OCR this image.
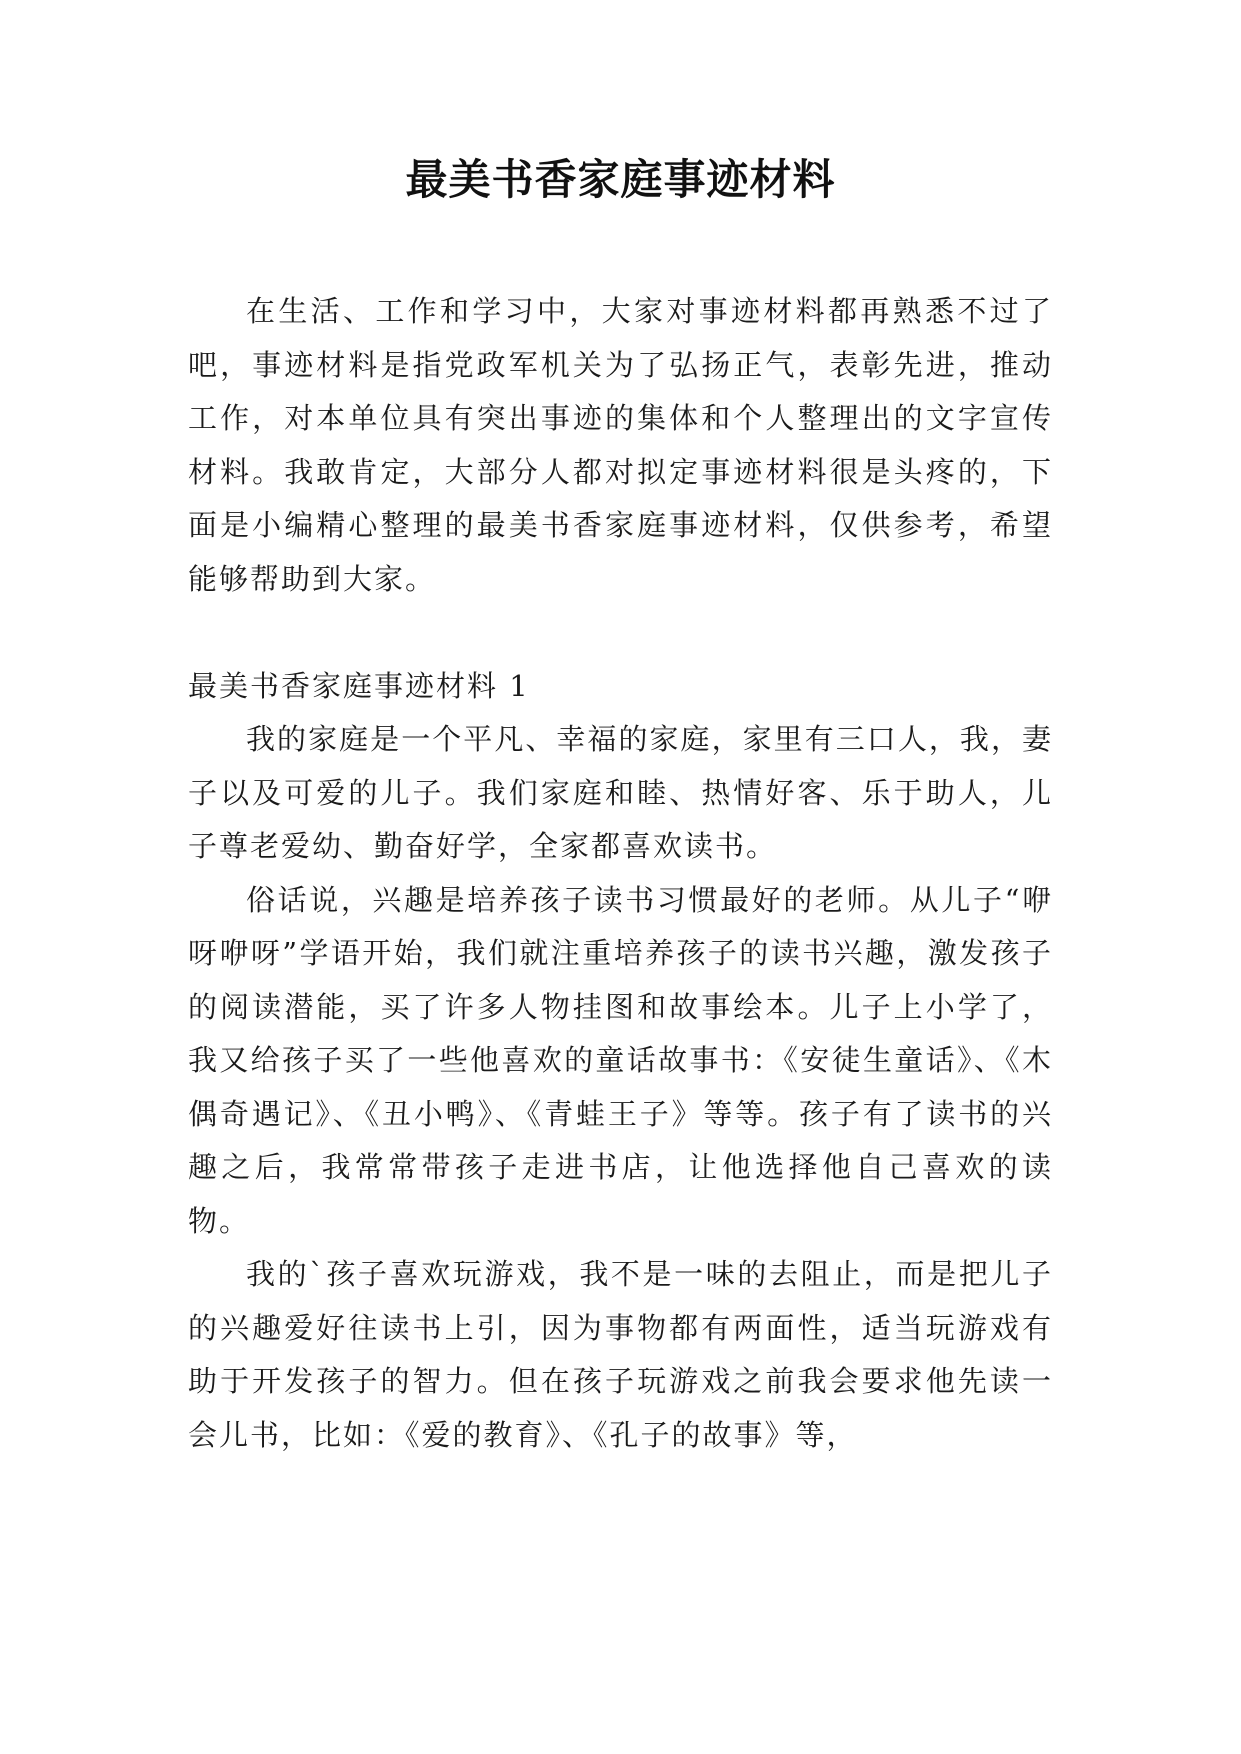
最美书香家庭事迹材料

在生活、工作和学习中，大家对事迹材料都再熟悉不过了吧，事迹材料是指党政军机关为了弘扬正气，表彰先进，推动工作，对本单位具有突出事迹的集体和个人整理出的文字宣传材料。我敢肯定，大部分人都对拟定事迹材料很是头疼的，下面是小编精心整理的最美书香家庭事迹材料，仅供参考，希望能够帮助到大家。

最美书香家庭事迹材料 1

我的家庭是一个平凡、幸福的家庭，家里有三口人，我，妻子以及可爱的儿子。我们家庭和睦、热情好客、乐于助人，儿子尊老爱幼、勤奋好学，全家都喜欢读书。

俗话说，兴趣是培养孩子读书习惯最好的老师。从儿子“咿呀咿呀”学语开始，我们就注重培养孩子的读书兴趣，激发孩子的阅读潜能，买了许多人物挂图和故事绘本。儿子上小学了，我又给孩子买了一些他喜欢的童话故事书：《安徒生童话》、《木偶奇遇记》、《丑小鸭》、《青蛙王子》等等。孩子有了读书的兴趣之后，我常常带孩子走进书店，让他选择他自己喜欢的读物。

我的`孩子喜欢玩游戏，我不是一味的去阻止，而是把儿子的兴趣爱好往读书上引，因为事物都有两面性，适当玩游戏有助于开发孩子的智力。但在孩子玩游戏之前我会要求他先读一会儿书，比如：《爱的教育》、《孔子的故事》等，
